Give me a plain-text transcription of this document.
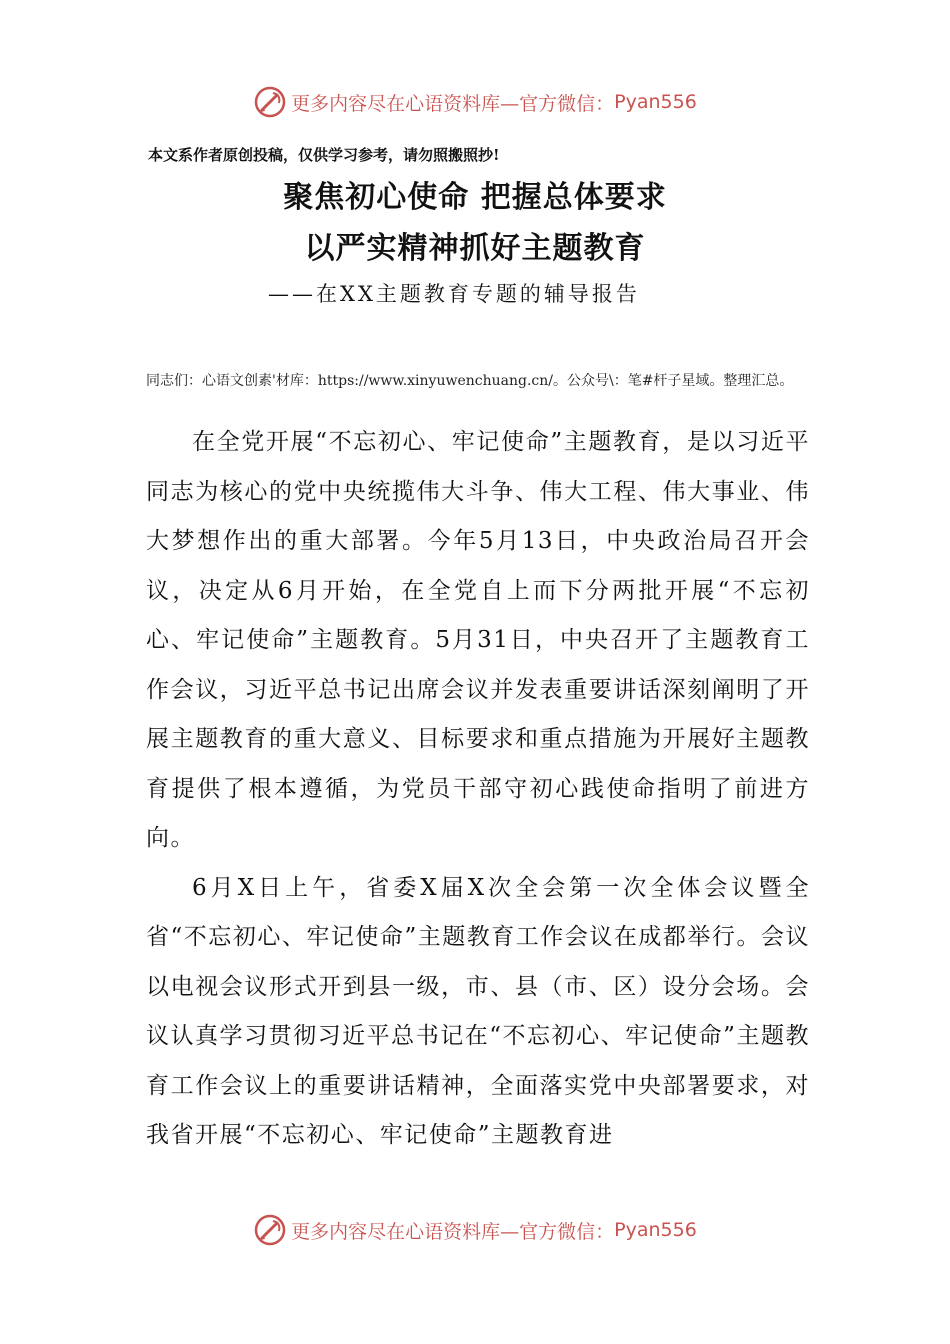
更多内容尽在心语资料库—官方微信： Pyan556
本文系作者原创投稿，仅供学习参考，请勿照搬照抄!
聚焦初心使命 把握总体要求
以严实精神抓好主题教育
——在XX主题教育专题的辅导报告
同志们：心语文创素'材库：https://www.xinyuwenchuang.cn/。公众号\：笔#杆子星域。整理汇总。

在全党开展“不忘初心、牢记使命”主题教育，是以习近平同志为核心的党中央统揽伟大斗争、伟大工程、伟大事业、伟大梦想作出的重大部署。今年5月13日，中央政治局召开会议，决定从6月开始，在全党自上而下分两批开展“不忘初心、牢记使命”主题教育。5月31日，中央召开了主题教育工作会议，习近平总书记出席会议并发表重要讲话深刻阐明了开展主题教育的重大意义、目标要求和重点措施为开展好主题教育提供了根本遵循，为党员干部守初心践使命指明了前进方向。

6月X日上午，省委X届X次全会第一次全体会议暨全省“不忘初心、牢记使命”主题教育工作会议在成都举行。会议以电视会议形式开到县一级，市、县（市、区）设分会场。会议认真学习贯彻习近平总书记在“不忘初心、牢记使命”主题教育工作会议上的重要讲话精神，全面落实党中央部署要求，对我省开展“不忘初心、牢记使命”主题教育进

更多内容尽在心语资料库—官方微信： Pyan556
